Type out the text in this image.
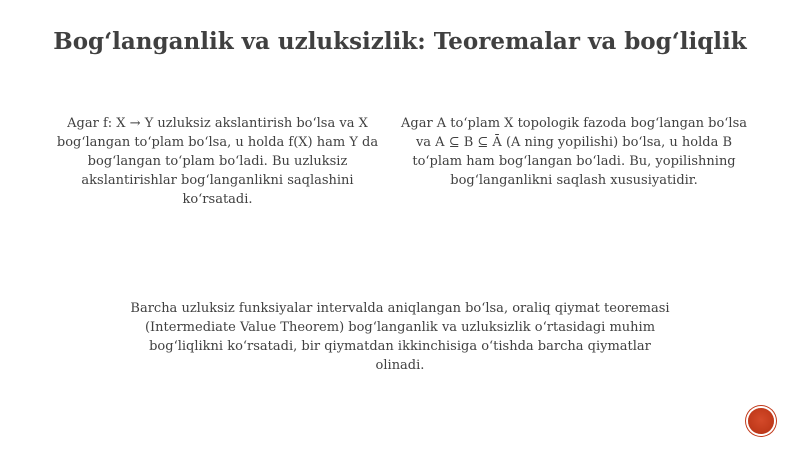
Bog‘langanlik va uzluksizlik: Teoremalar va bog‘liqlik
Agar f: X → Y uzluksiz akslantirish bo‘lsa va X bog‘langan to‘plam bo‘lsa, u holda f(X) ham Y da bog‘langan to‘plam bo‘ladi. Bu uzluksiz akslantirishlar bog‘langanlikni saqlashini ko‘rsatadi.
Agar A to‘plam X topologik fazoda bog‘langan bo‘lsa va A ⊆ B ⊆ Ā (A ning yopilishi) bo‘lsa, u holda B to‘plam ham bog‘langan bo‘ladi. Bu, yopilishning bog‘langanlikni saqlash xususiyatidir.
Barcha uzluksiz funksiyalar intervalda aniqlangan bo‘lsa, oraliq qiymat teoremasi (Intermediate Value Theorem) bog‘langanlik va uzluksizlik o‘rtasidagi muhim bog‘liqlikni ko‘rsatadi, bir qiymatdan ikkinchisiga o‘tishda barcha qiymatlar olinadi.
